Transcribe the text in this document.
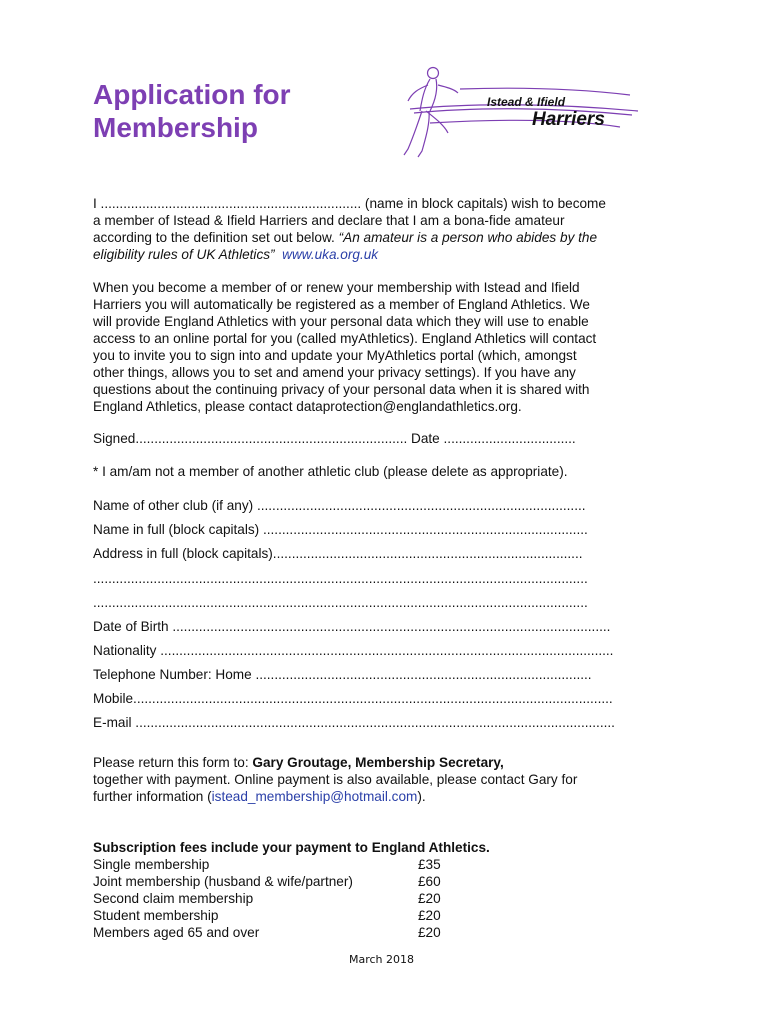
Application for
Membership
Istead & Ifield
Harriers

I ..................................................................... (name in block capitals) wish to become
a member of Istead & Ifield Harriers and declare that I am a bona-fide amateur
according to the definition set out below. “An amateur is a person who abides by the
eligibility rules of UK Athletics” www.uka.org.uk

When you become a member of or renew your membership with Istead and Ifield
Harriers you will automatically be registered as a member of England Athletics. We
will provide England Athletics with your personal data which they will use to enable
access to an online portal for you (called myAthletics). England Athletics will contact
you to invite you to sign into and update your MyAthletics portal (which, amongst
other things, allows you to set and amend your privacy settings). If you have any
questions about the continuing privacy of your personal data when it is shared with
England Athletics, please contact dataprotection@englandathletics.org.

Signed........................................................................ Date ...................................

* I am/am not a member of another athletic club (please delete as appropriate).

Name of other club (if any) .......................................................................................

Name in full (block capitals) ......................................................................................

Address in full (block capitals)..................................................................................

...................................................................................................................................

...................................................................................................................................

Date of Birth ....................................................................................................................

Nationality ........................................................................................................................

Telephone Number: Home .........................................................................................

Mobile...............................................................................................................................

E-mail ...............................................................................................................................

Please return this form to: Gary Groutage, Membership Secretary,
together with payment. Online payment is also available, please contact Gary for
further information (istead_membership@hotmail.com).

Subscription fees include your payment to England Athletics.
Single membership	£35
Joint membership (husband & wife/partner)	£60
Second claim membership	£20
Student membership	£20
Members aged 65 and over	£20
March 2018
